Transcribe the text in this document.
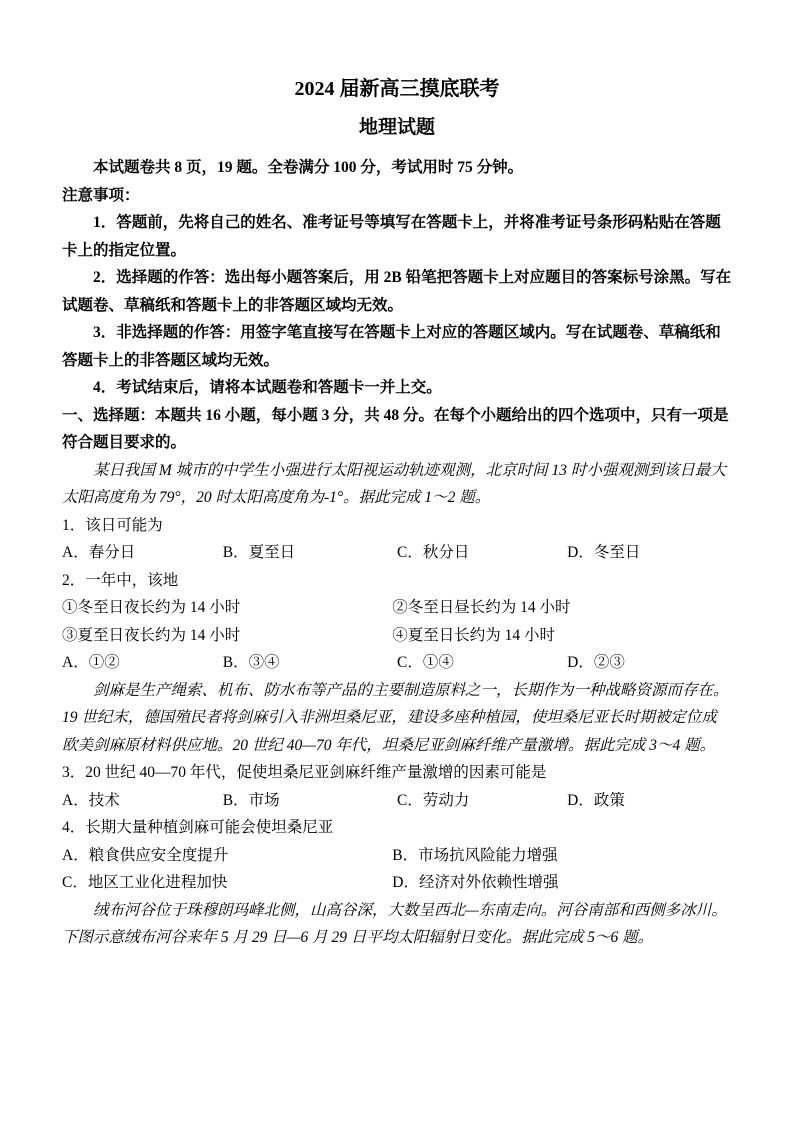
2024 届新高三摸底联考
地理试题

本试题卷共 8 页，19 题。全卷满分 100 分，考试用时 75 分钟。

注意事项：

1．答题前，先将自己的姓名、准考证号等填写在答题卡上，并将准考证号条形码粘贴在答题卡上的指定位置。

2．选择题的作答：选出每小题答案后，用 2B 铅笔把答题卡上对应题目的答案标号涂黑。写在试题卷、草稿纸和答题卡上的非答题区域均无效。

3．非选择题的作答：用签字笔直接写在答题卡上对应的答题区域内。写在试题卷、草稿纸和答题卡上的非答题区域均无效。

4．考试结束后，请将本试题卷和答题卡一并上交。

一、选择题：本题共 16 小题，每小题 3 分，共 48 分。在每个小题给出的四个选项中，只有一项是符合题目要求的。

某日我国 M 城市的中学生小强进行太阳视运动轨迹观测，北京时间 13 时小强观测到该日最大太阳高度角为 79°，20 时太阳高度角为-1°。据此完成 1～2 题。

1．该日可能为

A．春分日	B．夏至日	C．秋分日	D．冬至日

2．一年中，该地

①冬至日夜长约为 14 小时	②冬至日昼长约为 14 小时
③夏至日夜长约为 14 小时	④夏至日长约为 14 小时
A．①②	B．③④	C．①④	D．②③

剑麻是生产绳索、机布、防水布等产品的主要制造原料之一，长期作为一种战略资源而存在。19 世纪末，德国殖民者将剑麻引入非洲坦桑尼亚，建设多座种植园，使坦桑尼亚长时期被定位成欧美剑麻原材料供应地。20 世纪 40—70 年代，坦桑尼亚剑麻纤维产量激增。据此完成 3～4 题。

3．20 世纪 40—70 年代，促使坦桑尼亚剑麻纤维产量激增的因素可能是

A．技术	B．市场	C．劳动力	D．政策

4．长期大量种植剑麻可能会使坦桑尼亚

A．粮食供应安全度提升	B．市场抗风险能力增强
C．地区工业化进程加快	D．经济对外依赖性增强

绒布河谷位于珠穆朗玛峰北侧，山高谷深，大数呈西北—东南走向。河谷南部和西侧多冰川。下图示意绒布河谷来年 5 月 29 日—6 月 29 日平均太阳辐射日变化。据此完成 5～6 题。
